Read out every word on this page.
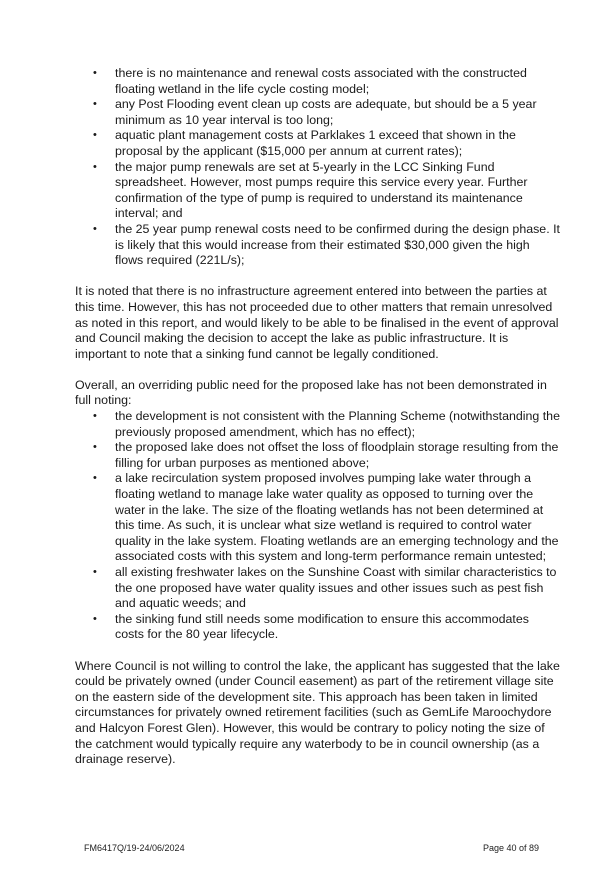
• there is no maintenance and renewal costs associated with the constructed floating wetland in the life cycle costing model;
• any Post Flooding event clean up costs are adequate, but should be a 5 year minimum as 10 year interval is too long;
• aquatic plant management costs at Parklakes 1 exceed that shown in the proposal by the applicant ($15,000 per annum at current rates);
• the major pump renewals are set at 5-yearly in the LCC Sinking Fund spreadsheet. However, most pumps require this service every year. Further confirmation of the type of pump is required to understand its maintenance interval; and
• the 25 year pump renewal costs need to be confirmed during the design phase. It is likely that this would increase from their estimated $30,000 given the high flows required (221L/s);

It is noted that there is no infrastructure agreement entered into between the parties at this time. However, this has not proceeded due to other matters that remain unresolved as noted in this report, and would likely to be able to be finalised in the event of approval and Council making the decision to accept the lake as public infrastructure. It is important to note that a sinking fund cannot be legally conditioned.

Overall, an overriding public need for the proposed lake has not been demonstrated in full noting:

• the development is not consistent with the Planning Scheme (notwithstanding the previously proposed amendment, which has no effect);
• the proposed lake does not offset the loss of floodplain storage resulting from the filling for urban purposes as mentioned above;
• a lake recirculation system proposed involves pumping lake water through a floating wetland to manage lake water quality as opposed to turning over the water in the lake. The size of the floating wetlands has not been determined at this time. As such, it is unclear what size wetland is required to control water quality in the lake system. Floating wetlands are an emerging technology and the associated costs with this system and long-term performance remain untested;
• all existing freshwater lakes on the Sunshine Coast with similar characteristics to the one proposed have water quality issues and other issues such as pest fish and aquatic weeds; and
• the sinking fund still needs some modification to ensure this accommodates costs for the 80 year lifecycle.

Where Council is not willing to control the lake, the applicant has suggested that the lake could be privately owned (under Council easement) as part of the retirement village site on the eastern side of the development site. This approach has been taken in limited circumstances for privately owned retirement facilities (such as GemLife Maroochydore and Halcyon Forest Glen). However, this would be contrary to policy noting the size of the catchment would typically require any waterbody to be in council ownership (as a drainage reserve).

FM6417Q/19-24/06/2024	Page 40 of 89
